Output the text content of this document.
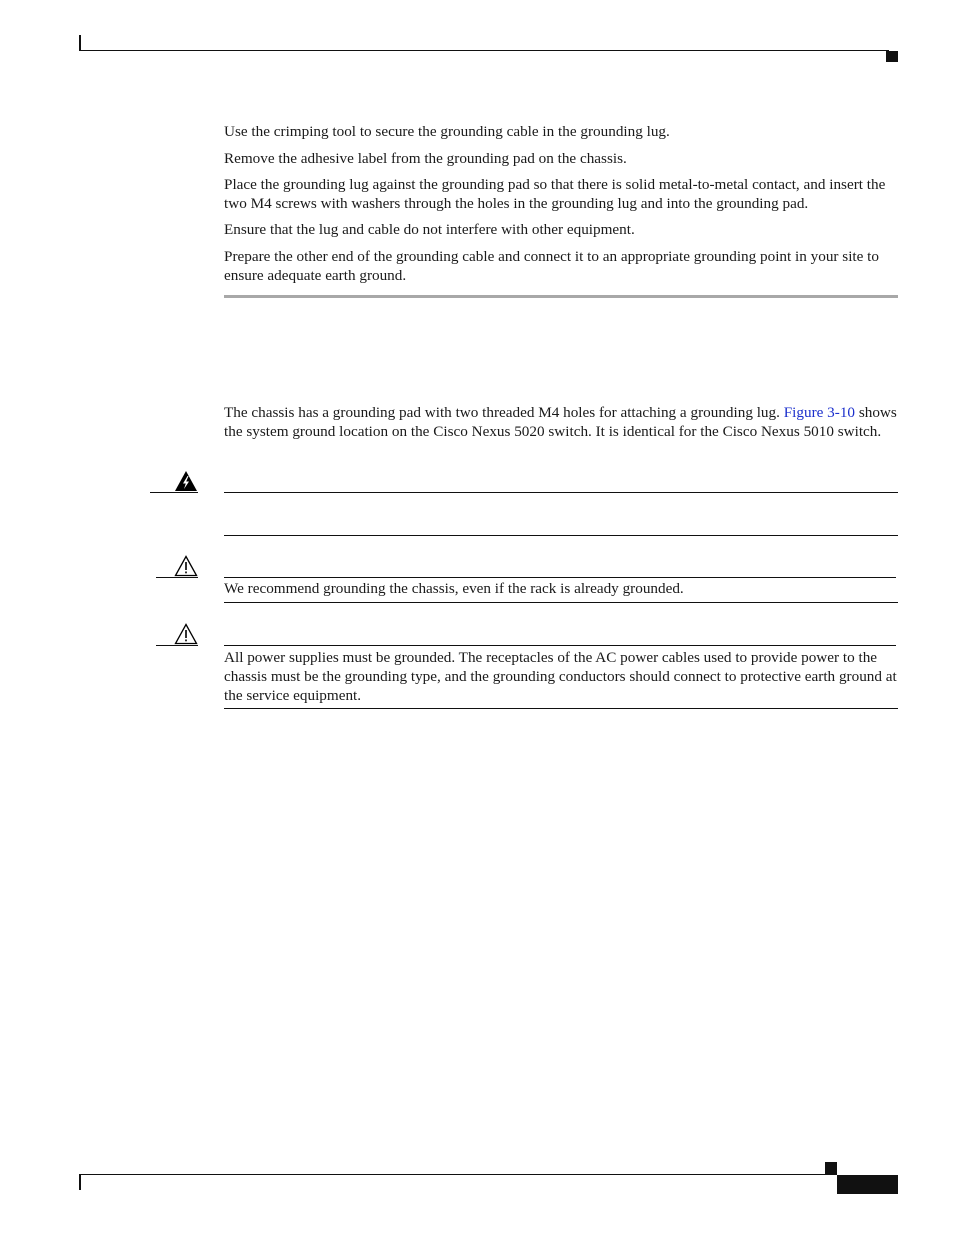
Use the crimping tool to secure the grounding cable in the grounding lug.
Remove the adhesive label from the grounding pad on the chassis.
Place the grounding lug against the grounding pad so that there is solid metal-to-metal contact, and insert the two M4 screws with washers through the holes in the grounding lug and into the grounding pad.
Ensure that the lug and cable do not interfere with other equipment.
Prepare the other end of the grounding cable and connect it to an appropriate grounding point in your site to ensure adequate earth ground.
The chassis has a grounding pad with two threaded M4 holes for attaching a grounding lug. Figure 3-10 shows the system ground location on the Cisco Nexus 5020 switch. It is identical for the Cisco Nexus 5010 switch.
We recommend grounding the chassis, even if the rack is already grounded.
All power supplies must be grounded. The receptacles of the AC power cables used to provide power to the chassis must be the grounding type, and the grounding conductors should connect to protective earth ground at the service equipment.
